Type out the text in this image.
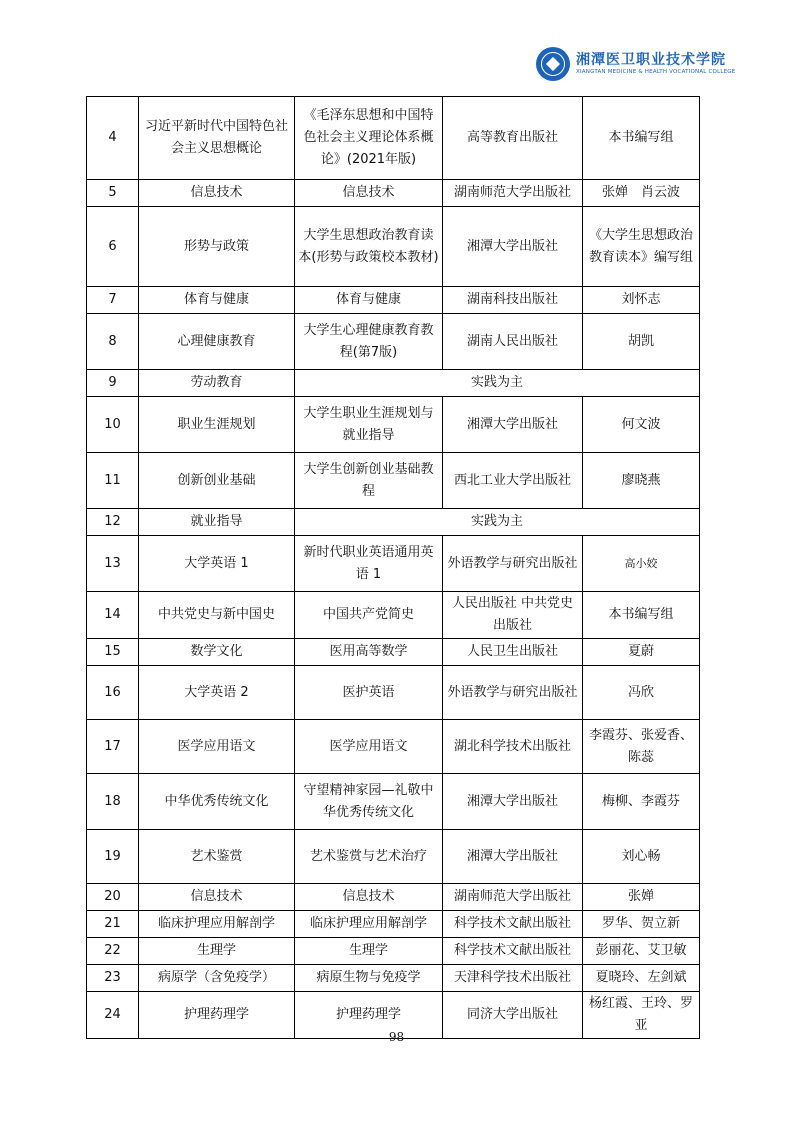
湘潭医卫职业技术学院
XIANGTAN MEDICINE & HEALTH VOCATIONAL COLLEGE
4	习近平新时代中国特色社会主义思想概论	《毛泽东思想和中国特色社会主义理论体系概论》(2021年版)	高等教育出版社	本书编写组
5	信息技术	信息技术	湖南师范大学出版社	张婵　肖云波
6	形势与政策	大学生思想政治教育读本(形势与政策校本教材)	湘潭大学出版社	《大学生思想政治教育读本》编写组
7	体育与健康	体育与健康	湖南科技出版社	刘怀志
8	心理健康教育	大学生心理健康教育教程(第7版)	湖南人民出版社	胡凯
9	劳动教育	实践为主		
10	职业生涯规划	大学生职业生涯规划与就业指导	湘潭大学出版社	何文波
11	创新创业基础	大学生创新创业基础教程	西北工业大学出版社	廖晓燕
12	就业指导	实践为主		
13	大学英语 1	新时代职业英语通用英语 1	外语教学与研究出版社	高小姣
14	中共党史与新中国史	中国共产党简史	人民出版社 中共党史出版社	本书编写组
15	数学文化	医用高等数学	人民卫生出版社	夏蔚
16	大学英语 2	医护英语	外语教学与研究出版社	冯欣
17	医学应用语文	医学应用语文	湖北科学技术出版社	李霞芬、张爱香、陈蕊
18	中华优秀传统文化	守望精神家园—礼敬中华优秀传统文化	湘潭大学出版社	梅柳、李霞芬
19	艺术鉴赏	艺术鉴赏与艺术治疗	湘潭大学出版社	刘心畅
20	信息技术	信息技术	湖南师范大学出版社	张婵
21	临床护理应用解剖学	临床护理应用解剖学	科学技术文献出版社	罗华、贺立新
22	生理学	生理学	科学技术文献出版社	彭丽花、艾卫敏
23	病原学（含免疫学）	病原生物与免疫学	天津科学技术出版社	夏晓玲、左剑斌
24	护理药理学	护理药理学	同济大学出版社	杨红霞、王玲、罗亚
98
